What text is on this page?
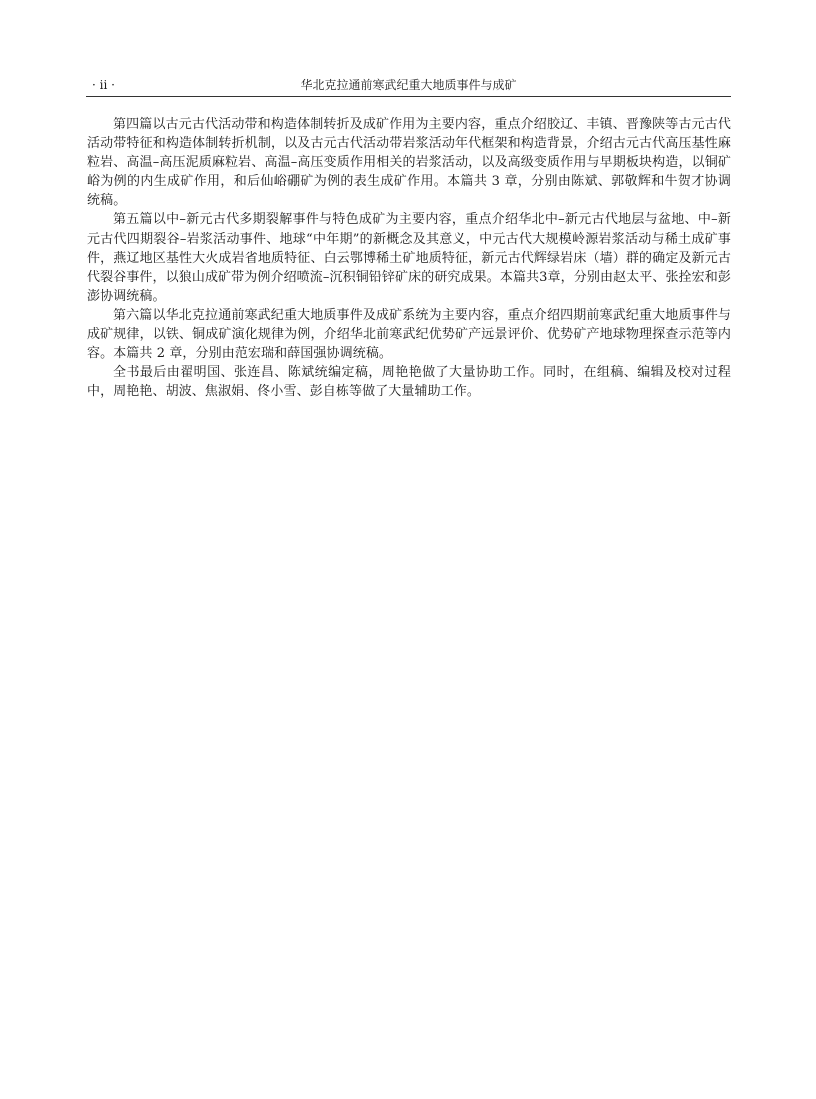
· ii ·	华北克拉通前寒武纪重大地质事件与成矿

第四篇以古元古代活动带和构造体制转折及成矿作用为主要内容，重点介绍胶辽、丰镇、晋豫陕等古元古代活动带特征和构造体制转折机制，以及古元古代活动带岩浆活动年代框架和构造背景，介绍古元古代高压基性麻粒岩、高温–高压泥质麻粒岩、高温–高压变质作用相关的岩浆活动，以及高级变质作用与早期板块构造，以铜矿峪为例的内生成矿作用，和后仙峪硼矿为例的表生成矿作用。本篇共 3 章，分别由陈斌、郭敬辉和牛贺才协调统稿。

第五篇以中–新元古代多期裂解事件与特色成矿为主要内容，重点介绍华北中–新元古代地层与盆地、中–新元古代四期裂谷–岩浆活动事件、地球“中年期”的新概念及其意义，中元古代大规模岭源岩浆活动与稀土成矿事件，燕辽地区基性大火成岩省地质特征、白云鄂博稀土矿地质特征，新元古代辉绿岩床（墙）群的确定及新元古代裂谷事件，以狼山成矿带为例介绍喷流–沉积铜铅锌矿床的研究成果。本篇共3章，分别由赵太平、张拴宏和彭澎协调统稿。

第六篇以华北克拉通前寒武纪重大地质事件及成矿系统为主要内容，重点介绍四期前寒武纪重大地质事件与成矿规律，以铁、铜成矿演化规律为例，介绍华北前寒武纪优势矿产远景评价、优势矿产地球物理探查示范等内容。本篇共 2 章，分别由范宏瑞和薛国强协调统稿。

全书最后由翟明国、张连昌、陈斌统编定稿，周艳艳做了大量协助工作。同时，在组稿、编辑及校对过程中，周艳艳、胡波、焦淑娟、佟小雪、彭自栋等做了大量辅助工作。
